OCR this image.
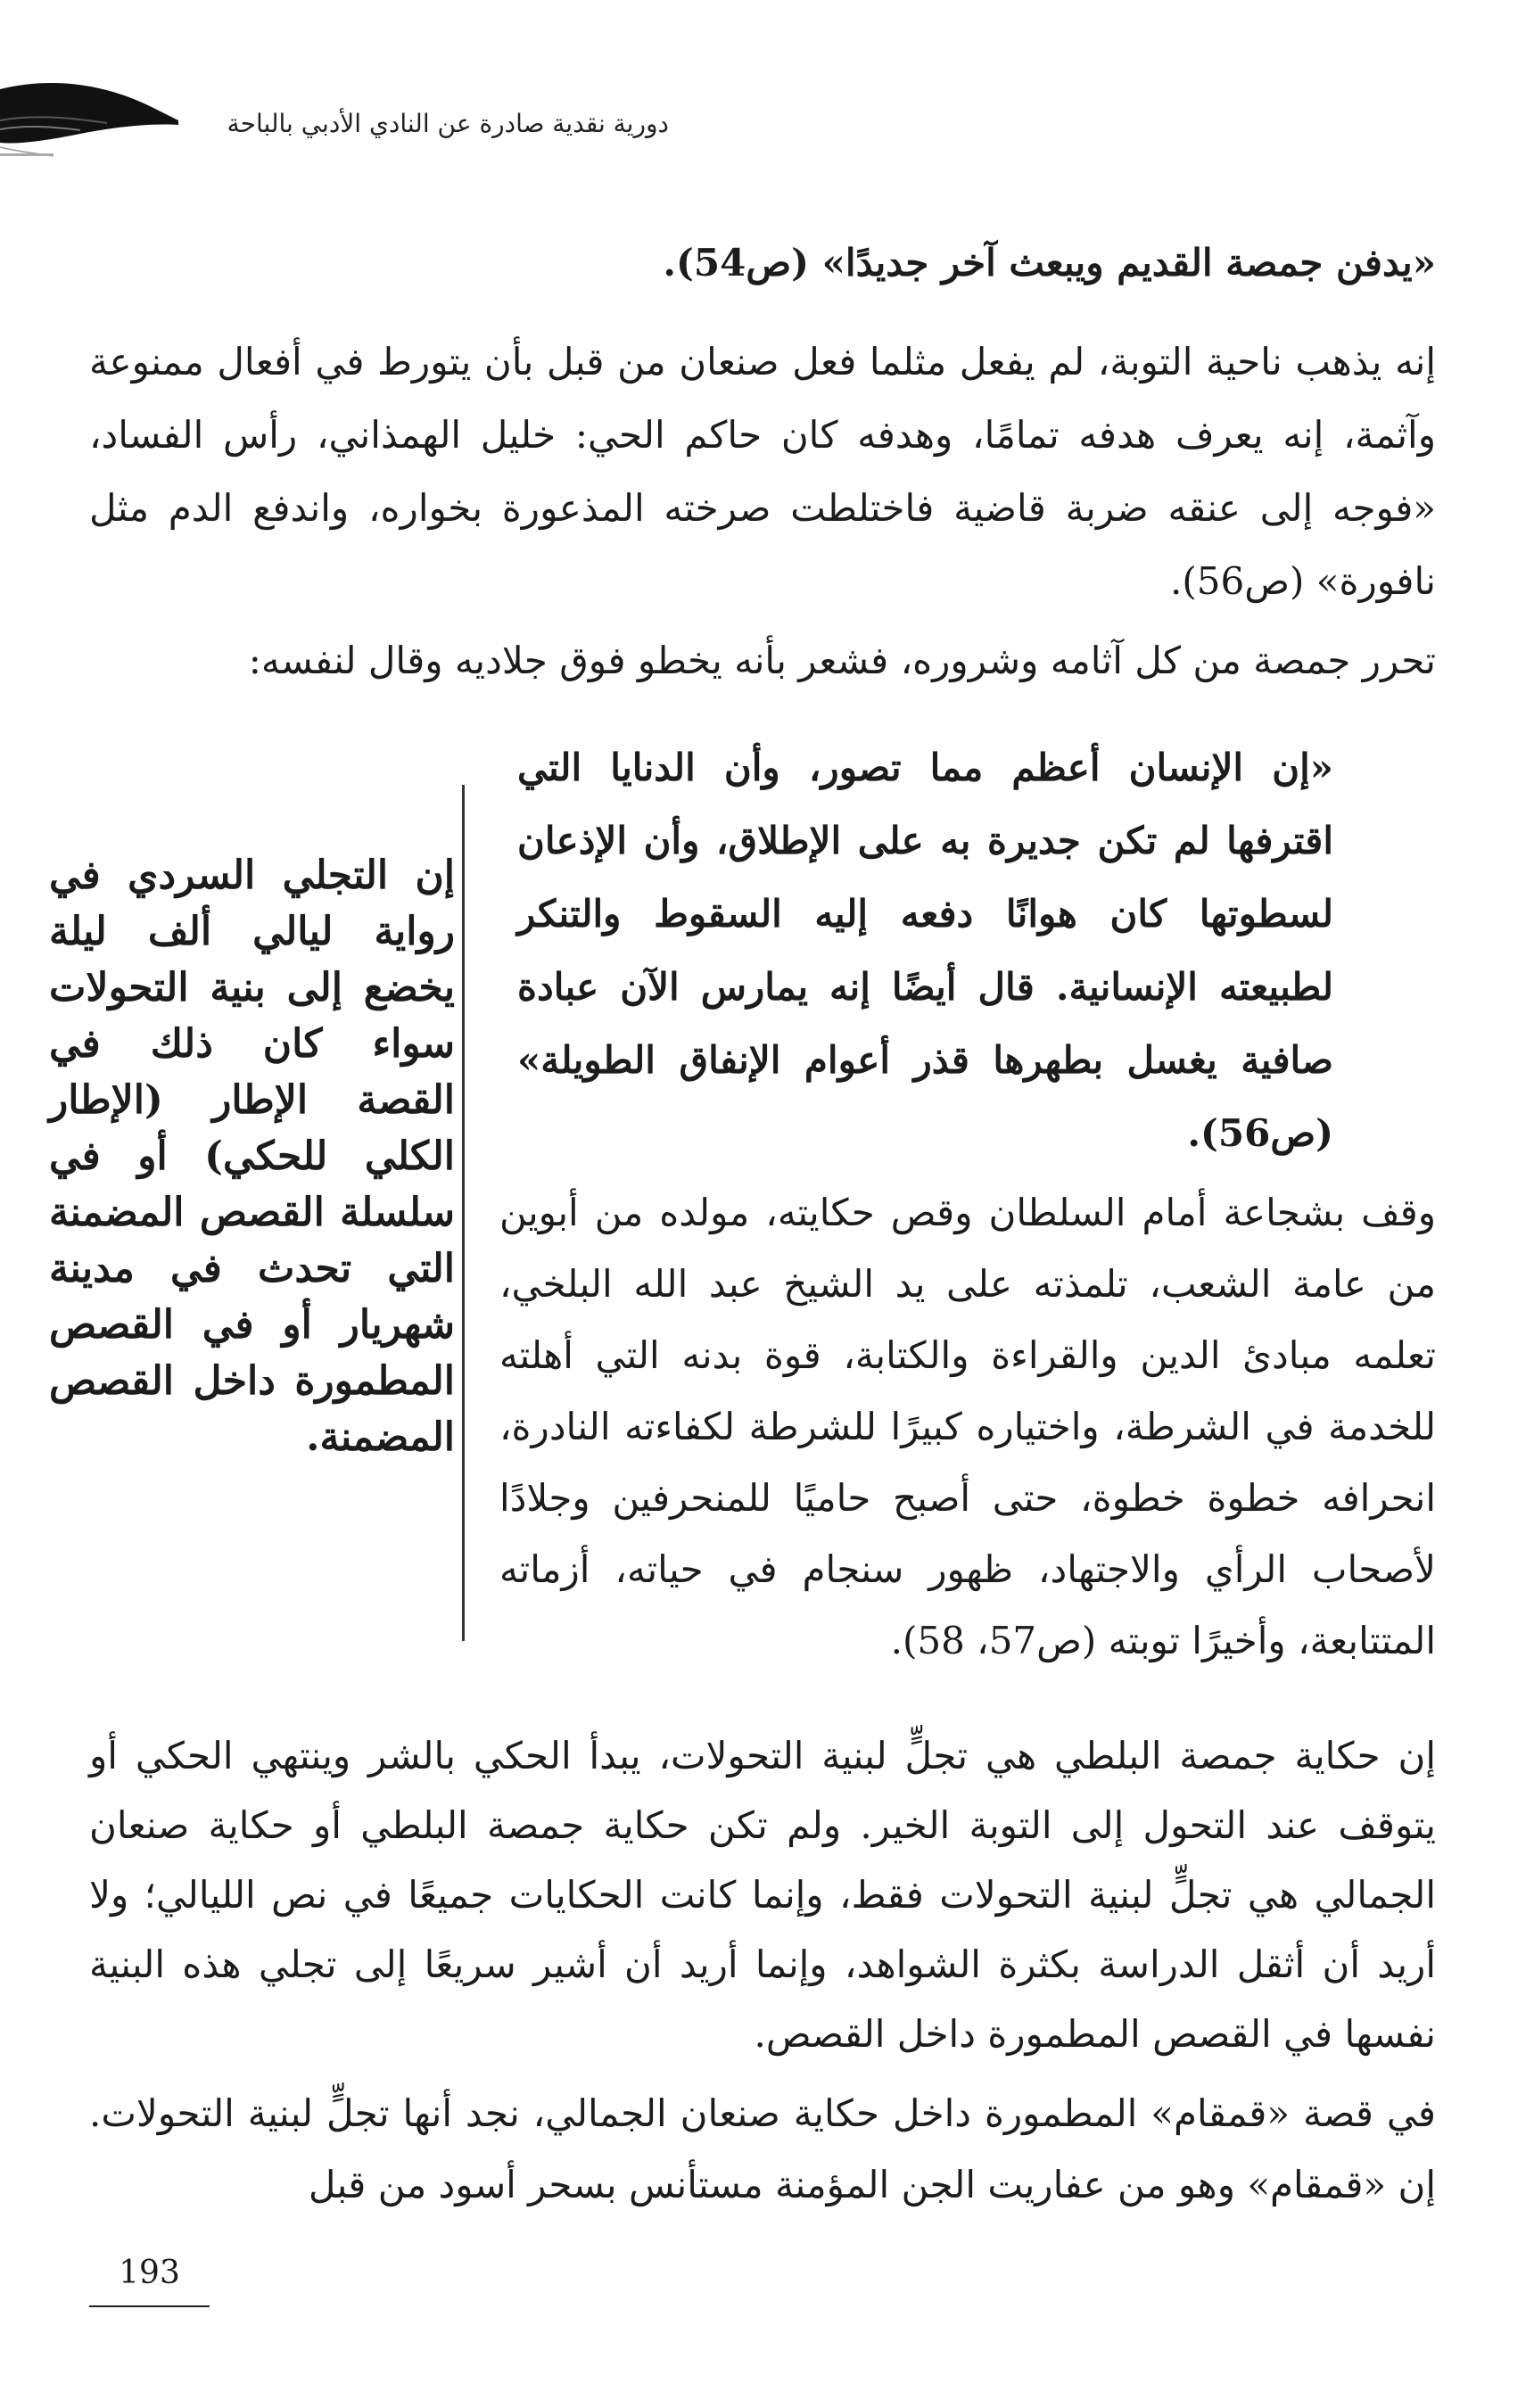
دورية نقدية صادرة عن النادي الأدبي بالباحة
«يدفن جمصة القديم ويبعث آخر جديدًا» (ص54).
إنه يذهب ناحية التوبة، لم يفعل مثلما فعل صنعان من قبل بأن يتورط في أفعال ممنوعة وآثمة، إنه يعرف هدفه تمامًا، وهدفه كان حاكم الحي: خليل الهمذاني، رأس الفساد، «فوجه إلى عنقه ضربة قاضية فاختلطت صرخته المذعورة بخواره، واندفع الدم مثل نافورة» (ص56).
تحرر جمصة من كل آثامه وشروره، فشعر بأنه يخطو فوق جلاديه وقال لنفسه:
«إن الإنسان أعظم مما تصور، وأن الدنايا التي اقترفها لم تكن جديرة به على الإطلاق، وأن الإذعان لسطوتها كان هوانًا دفعه إليه السقوط والتنكر لطبيعته الإنسانية. قال أيضًا إنه يمارس الآن عبادة صافية يغسل بطهرها قذر أعوام الإنفاق الطويلة» (ص56).
وقف بشجاعة أمام السلطان وقص حكايته، مولده من أبوين من عامة الشعب، تلمذته على يد الشيخ عبد الله البلخي، تعلمه مبادئ الدين والقراءة والكتابة، قوة بدنه التي أهلته للخدمة في الشرطة، واختياره كبيرًا للشرطة لكفاءته النادرة، انحرافه خطوة خطوة، حتى أصبح حاميًا للمنحرفين وجلادًا لأصحاب الرأي والاجتهاد، ظهور سنجام في حياته، أزماته المتتابعة، وأخيرًا توبته (ص57، 58).
إن التجلي السردي في رواية ليالي ألف ليلة يخضع إلى بنية التحولات سواء كان ذلك في القصة الإطار (الإطار الكلي للحكي) أو في سلسلة القصص المضمنة التي تحدث في مدينة شهريار أو في القصص المطمورة داخل القصص المضمنة.
إن حكاية جمصة البلطي هي تجلٍّ لبنية التحولات، يبدأ الحكي بالشر وينتهي الحكي أو يتوقف عند التحول إلى التوبة الخير. ولم تكن حكاية جمصة البلطي أو حكاية صنعان الجمالي هي تجلٍّ لبنية التحولات فقط، وإنما كانت الحكايات جميعًا في نص الليالي؛ ولا أريد أن أثقل الدراسة بكثرة الشواهد، وإنما أريد أن أشير سريعًا إلى تجلي هذه البنية نفسها في القصص المطمورة داخل القصص.
في قصة «قمقام» المطمورة داخل حكاية صنعان الجمالي، نجد أنها تجلٍّ لبنية التحولات. إن «قمقام» وهو من عفاريت الجن المؤمنة مستأنس بسحر أسود من قبل
193
